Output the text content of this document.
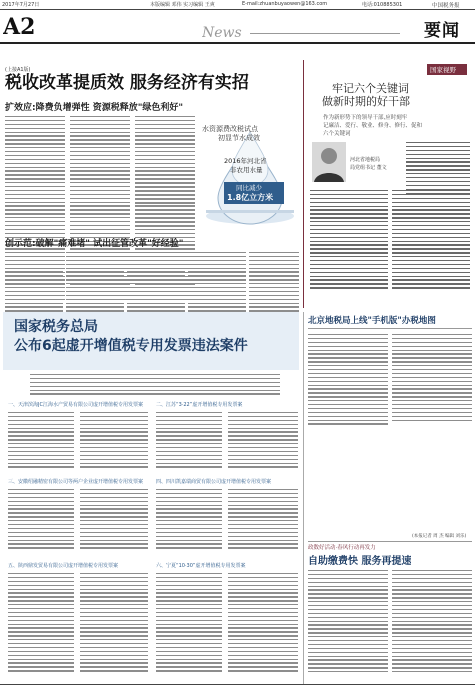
2017年7月27日	本版编辑 邓伟 实习编辑 王爽	E-mail:zhuanbuyaowen@163.com	电话:010885301	中国税务报
A2	News	要闻
(上接A1版)
税收改革提质效 服务经济有实招
扩效应:降费负增弹性 资源税释放"绿色利好"
水资源费改税试点
初显节水成效
2016年河北省
非农用水量
同比减少
1.8亿立方米
创示范:破解"痛难堵" 试出征管改革"好经验"
国家视野
牢记六个关键词
做新时期的好干部
作为新形势下的领导干部,应时刻牢
记廉洁、爱行、敬业、修身、修行、促和
六个关键词
河北省地税局
局党组书记 董文
国家税务总局
公布6起虚开增值税专用发票违法案件
一、天津滨海JC江海水产贸易有限公司虚开增值税专用发票案	二、江苏“3·22”虚开增值税专用发票案
三、安徽绍融精密有限公司等两户企业虚开增值税专用发票案	四、四川凯嘉瑞商贸有限公司虚开增值税专用发票案
五、陕西鼎发贸易有限公司虚开增值税专用发票案	六、宁夏“10·30”虚开增值税专用发票案
北京地税局上线"手机版"办税地图
(本报记者 周 杰 编辑 刘乐)
政数好活动·春风行动再发力
自助缴费快 服务再提速
